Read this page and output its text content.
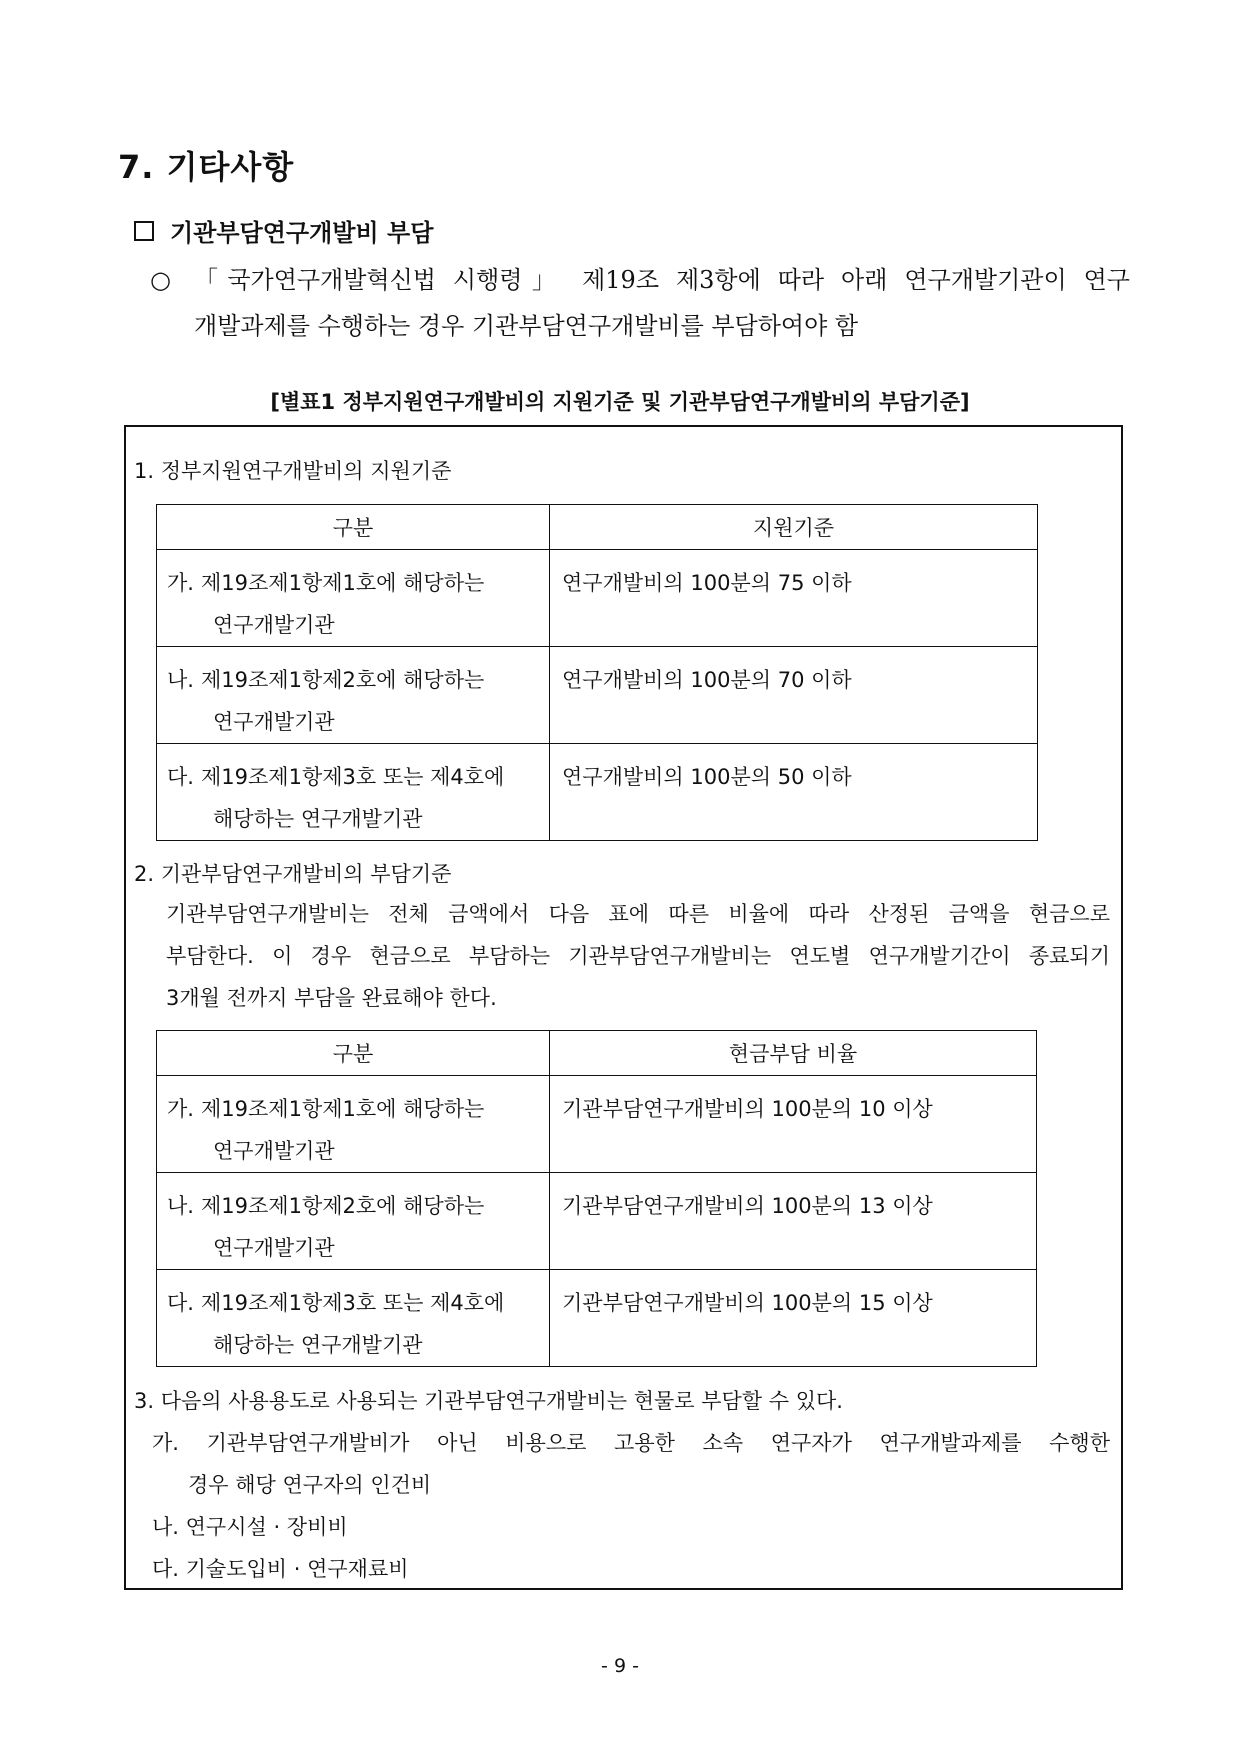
7. 기타사항
기관부담연구개발비 부담
○ 「국가연구개발혁신법 시행령」 제19조 제3항에 따라 아래 연구개발기관이 연구
개발과제를 수행하는 경우 기관부담연구개발비를 부담하여야 함
[별표1 정부지원연구개발비의 지원기준 및 기관부담연구개발비의 부담기준]
1. 정부지원연구개발비의 지원기준
구분	지원기준

가. 제19조제1항제1호에 해당하는
연구개발기관	연구개발비의 100분의 75 이하

나. 제19조제1항제2호에 해당하는
연구개발기관	연구개발비의 100분의 70 이하

다. 제19조제1항제3호 또는 제4호에
해당하는 연구개발기관	연구개발비의 100분의 50 이하
2. 기관부담연구개발비의 부담기준
기관부담연구개발비는 전체 금액에서 다음 표에 따른 비율에 따라 산정된 금액을 현금으로
부담한다. 이 경우 현금으로 부담하는 기관부담연구개발비는 연도별 연구개발기간이 종료되기
3개월 전까지 부담을 완료해야 한다.
구분	현금부담 비율

가. 제19조제1항제1호에 해당하는
연구개발기관	기관부담연구개발비의 100분의 10 이상

나. 제19조제1항제2호에 해당하는
연구개발기관	기관부담연구개발비의 100분의 13 이상

다. 제19조제1항제3호 또는 제4호에
해당하는 연구개발기관	기관부담연구개발비의 100분의 15 이상
3. 다음의 사용용도로 사용되는 기관부담연구개발비는 현물로 부담할 수 있다.
가. 기관부담연구개발비가 아닌 비용으로 고용한 소속 연구자가 연구개발과제를 수행한
경우 해당 연구자의 인건비
나. 연구시설 · 장비비
다. 기술도입비 · 연구재료비
- 9 -
